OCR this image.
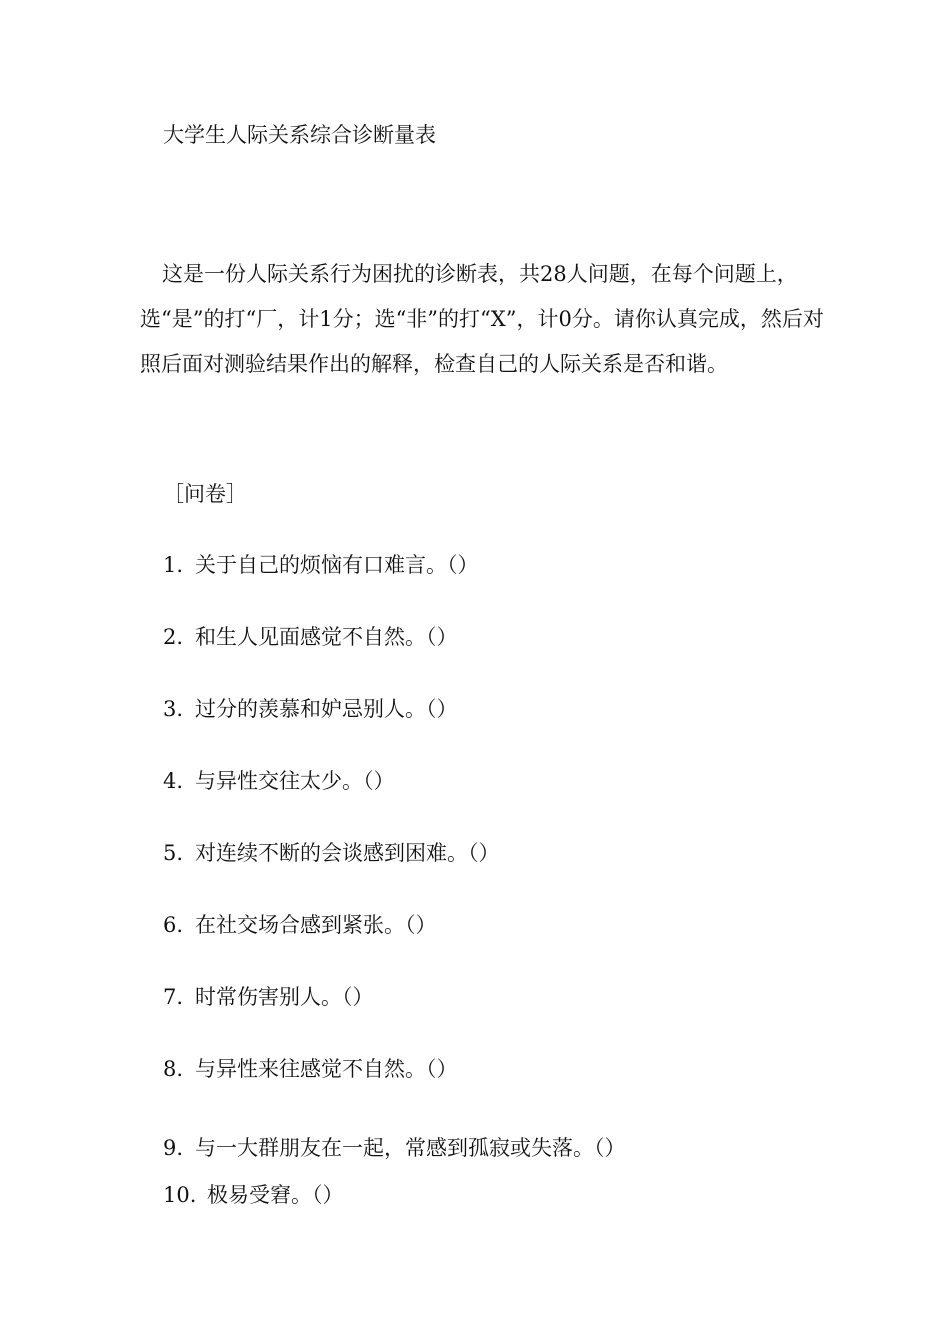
大学生人际关系综合诊断量表
这是一份人际关系行为困扰的诊断表，共28人问题，在每个问题上，选“是”的打“厂，计1分；选“非”的打“X”，计0分。请你认真完成，然后对照后面对测验结果作出的解释，检查自己的人际关系是否和谐。
［问卷］
1. 关于自己的烦恼有口难言。（）
2. 和生人见面感觉不自然。（）
3. 过分的羡慕和妒忌别人。（）
4. 与异性交往太少。（）
5. 对连续不断的会谈感到困难。（）
6. 在社交场合感到紧张。（）
7. 时常伤害别人。（）
8. 与异性来往感觉不自然。（）
9. 与一大群朋友在一起，常感到孤寂或失落。（）
10. 极易受窘。（）
